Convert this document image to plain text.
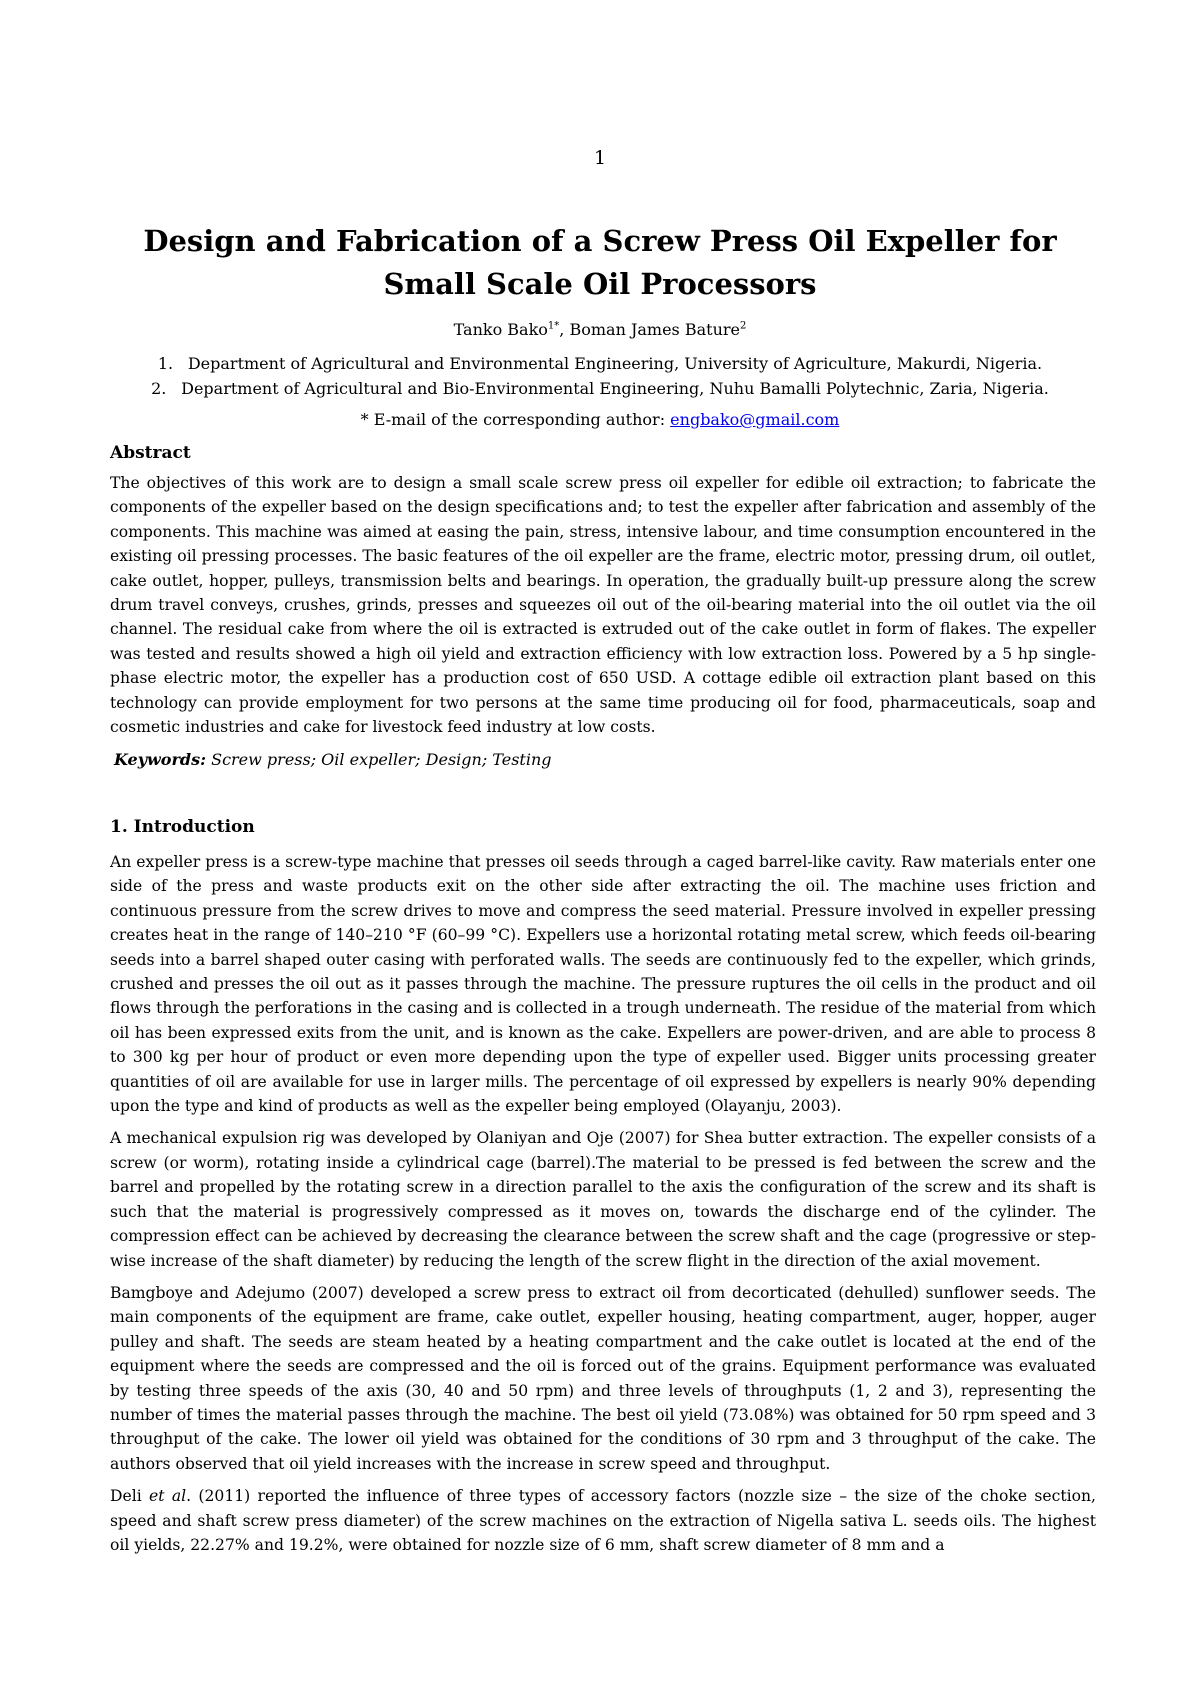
1
Design and Fabrication of a Screw Press Oil Expeller for Small Scale Oil Processors
Tanko Bako$^{1*}$, Boman James Bature$^2$
1. Department of Agricultural and Environmental Engineering, University of Agriculture, Makurdi, Nigeria.
2. Department of Agricultural and Bio-Environmental Engineering, Nuhu Bamalli Polytechnic, Zaria, Nigeria.
* E-mail of the corresponding author: engbako@gmail.com
Abstract

The objectives of this work are to design a small scale screw press oil expeller for edible oil extraction; to fabricate the components of the expeller based on the design specifications and; to test the expeller after fabrication and assembly of the components. This machine was aimed at easing the pain, stress, intensive labour, and time consumption encountered in the existing oil pressing processes. The basic features of the oil expeller are the frame, electric motor, pressing drum, oil outlet, cake outlet, hopper, pulleys, transmission belts and bearings. In operation, the gradually built-up pressure along the screw drum travel conveys, crushes, grinds, presses and squeezes oil out of the oil-bearing material into the oil outlet via the oil channel. The residual cake from where the oil is extracted is extruded out of the cake outlet in form of flakes. The expeller was tested and results showed a high oil yield and extraction efficiency with low extraction loss. Powered by a 5 hp single-phase electric motor, the expeller has a production cost of 650 USD. A cottage edible oil extraction plant based on this technology can provide employment for two persons at the same time producing oil for food, pharmaceuticals, soap and cosmetic industries and cake for livestock feed industry at low costs.

Keywords: Screw press; Oil expeller; Design; Testing
1. Introduction

An expeller press is a screw-type machine that presses oil seeds through a caged barrel-like cavity. Raw materials enter one side of the press and waste products exit on the other side after extracting the oil. The machine uses friction and continuous pressure from the screw drives to move and compress the seed material. Pressure involved in expeller pressing creates heat in the range of 140–210 °F (60–99 °C). Expellers use a horizontal rotating metal screw, which feeds oil-bearing seeds into a barrel shaped outer casing with perforated walls. The seeds are continuously fed to the expeller, which grinds, crushed and presses the oil out as it passes through the machine. The pressure ruptures the oil cells in the product and oil flows through the perforations in the casing and is collected in a trough underneath. The residue of the material from which oil has been expressed exits from the unit, and is known as the cake. Expellers are power-driven, and are able to process 8 to 300 kg per hour of product or even more depending upon the type of expeller used. Bigger units processing greater quantities of oil are available for use in larger mills. The percentage of oil expressed by expellers is nearly 90% depending upon the type and kind of products as well as the expeller being employed (Olayanju, 2003).

A mechanical expulsion rig was developed by Olaniyan and Oje (2007) for Shea butter extraction. The expeller consists of a screw (or worm), rotating inside a cylindrical cage (barrel).The material to be pressed is fed between the screw and the barrel and propelled by the rotating screw in a direction parallel to the axis the configuration of the screw and its shaft is such that the material is progressively compressed as it moves on, towards the discharge end of the cylinder. The compression effect can be achieved by decreasing the clearance between the screw shaft and the cage (progressive or step-wise increase of the shaft diameter) by reducing the length of the screw flight in the direction of the axial movement.

Bamgboye and Adejumo (2007) developed a screw press to extract oil from decorticated (dehulled) sunflower seeds. The main components of the equipment are frame, cake outlet, expeller housing, heating compartment, auger, hopper, auger pulley and shaft. The seeds are steam heated by a heating compartment and the cake outlet is located at the end of the equipment where the seeds are compressed and the oil is forced out of the grains. Equipment performance was evaluated by testing three speeds of the axis (30, 40 and 50 rpm) and three levels of throughputs (1, 2 and 3), representing the number of times the material passes through the machine. The best oil yield (73.08%) was obtained for 50 rpm speed and 3 throughput of the cake. The lower oil yield was obtained for the conditions of 30 rpm and 3 throughput of the cake. The authors observed that oil yield increases with the increase in screw speed and throughput.

Deli et al. (2011) reported the influence of three types of accessory factors (nozzle size – the size of the choke section, speed and shaft screw press diameter) of the screw machines on the extraction of Nigella sativa L. seeds oils. The highest oil yields, 22.27% and 19.2%, were obtained for nozzle size of 6 mm, shaft screw diameter of 8 mm and a
